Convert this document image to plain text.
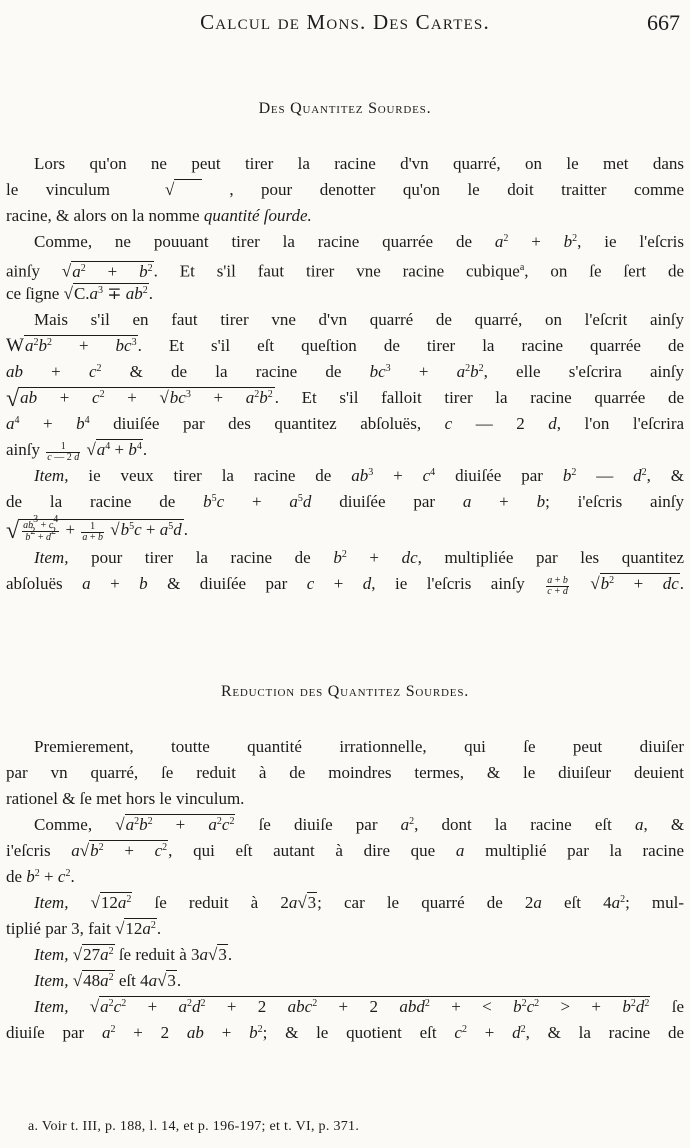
Calcul de Mons. Des Cartes.	667
Des Quantitez Sourdes.
Lors qu'on ne peut tirer la racine d'vn quarré, on le met dans
le vinculum  √  	, pour denotter qu'on le doit traitter comme
racine, & alors on la nomme quantité ſourde.
Comme, ne pouuant tirer la racine quarrée de $a^2 + b^2$, ie l'eſcris
ainſy $√a^2 + b^2$. Et s'il faut tirer vne racine cubique$^a$, on ſe ſert de
ce ſigne $√C.a^3 \mp ab^2$.
Mais s'il en faut tirer vne d'vn quarré de quarré, on l'eſcrit ainſy
$Wa^2b^2 + bc^3$. Et s'il eſt queſtion de tirer la racine quarrée de
ab + $c^2$ & de la racine de $bc^3 + a^2b^2$, elle s'eſcrira ainſy
$√ab + c^2 + √bc^3 + a^2b^2$ . Et s'il falloit tirer la racine quarrée de
$a^4 + b^4$ diuiſée par des quantitez abſoluës, c — 2 d, l'on l'eſcrira
ainſy $\frac{1}{c — 2 d} √a^4 + b^4$.
Item, ie veux tirer la racine de $ab^3 + c^4$ diuiſée par $b^2$ — $d^2$, &
de la racine de $b^5c + a^5d$ diuiſée par a + b; i'eſcris ainſy
√ $\frac{ab^3 + c^4}{b^2 + d^2} + \frac{1}{a + b} √b^5c + a^5d$ .
Item, pour tirer la racine de $b^2$ + dc, multipliée par les quantitez
abſoluës a + b & diuiſée par c + d, ie l'eſcris ainſy $\frac{a + b}{c + d} √b^2$ + dc.
Reduction des Quantitez Sourdes.
Premierement, toutte quantité irrationnelle, qui ſe peut diuiſer
par vn quarré, ſe reduit à de moindres termes, & le diuiſeur deuient
rationel & ſe met hors le vinculum.
Comme, $√a^2b^2 + a^2c^2$ ſe diuiſe par $a^2$, dont la racine eſt a, &
i'eſcris $a√b^2 + c^2$, qui eſt autant à dire que a multiplié par la racine
de $b^2 + c^2$.
Item, $√12a^2$ ſe reduit à 2a√3; car le quarré de 2a eſt $4a^2$; mul-
tiplié par 3, fait $√12a^2$.
Item, $√27a^2$ ſe reduit à 3a√3.
Item, $√48a^2$ eſt 4a√3.
Item, $√a^2c^2 + a^2d^2 + 2$ abc$^2$ + 2 abd$^2$ + < $b^2c^2$ > + $b^2d^2$ ſe
diuiſe par $a^2 + 2$ ab + $b^2$; & le quotient eſt $c^2 + d^2$, & la racine de
a. Voir t. III, p. 188, l. 14, et p. 196-197; et t. VI, p. 371.
